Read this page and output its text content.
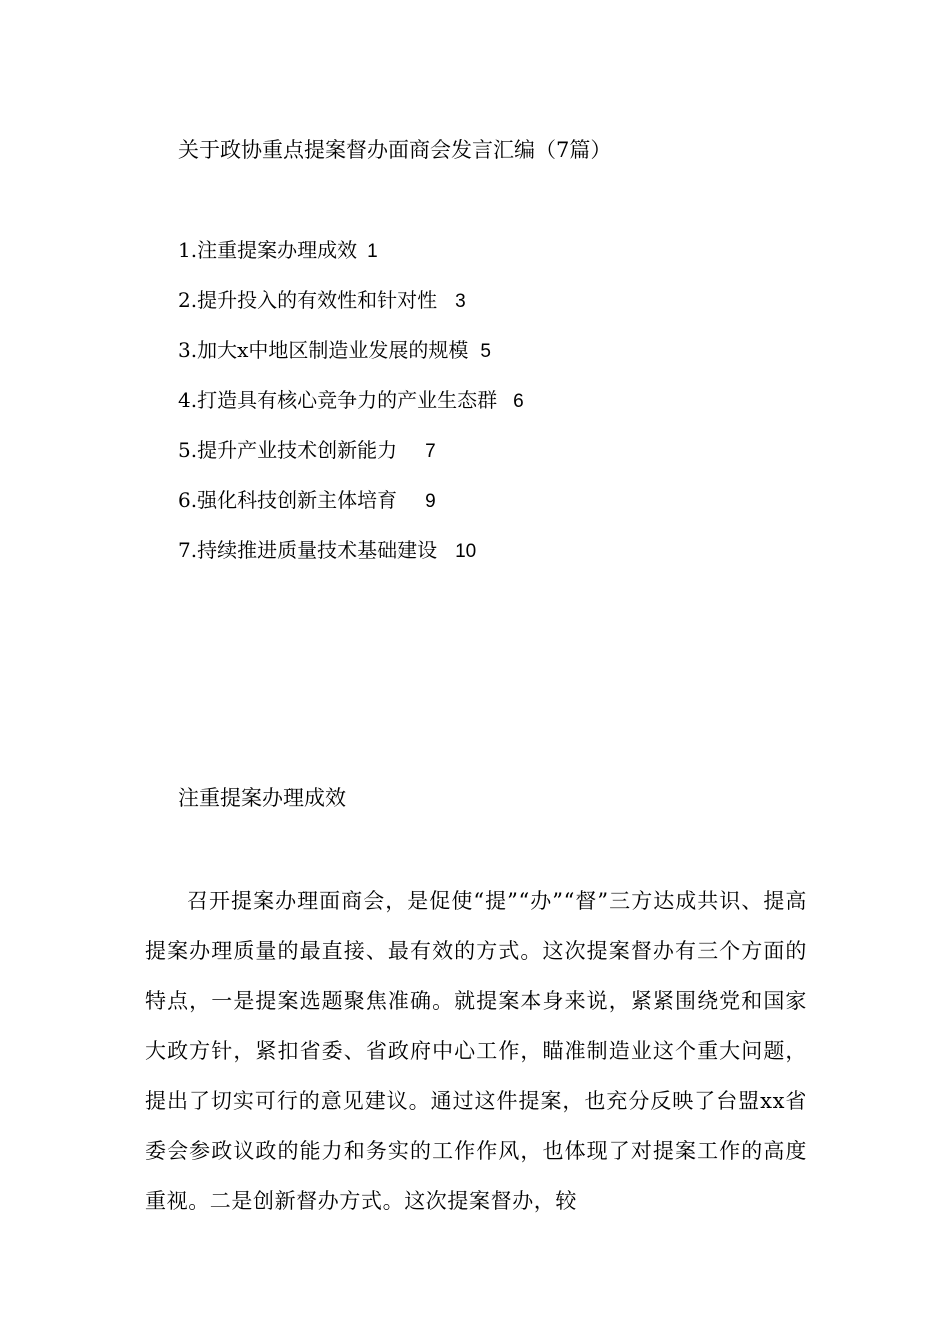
关于政协重点提案督办面商会发言汇编（7篇）
1.注重提案办理成效 1
2.提升投入的有效性和针对性 3
3.加大x中地区制造业发展的规模 5
4.打造具有核心竞争力的产业生态群 6
5.提升产业技术创新能力 7
6.强化科技创新主体培育 9
7.持续推进质量技术基础建设 10
注重提案办理成效

召开提案办理面商会，是促使“提”“办”“督”三方达成共识、提高提案办理质量的最直接、最有效的方式。这次提案督办有三个方面的特点，一是提案选题聚焦准确。就提案本身来说，紧紧围绕党和国家大政方针，紧扣省委、省政府中心工作，瞄准制造业这个重大问题，提出了切实可行的意见建议。通过这件提案，也充分反映了台盟xx省委会参政议政的能力和务实的工作作风，也体现了对提案工作的高度重视。二是创新督办方式。这次提案督办，较
